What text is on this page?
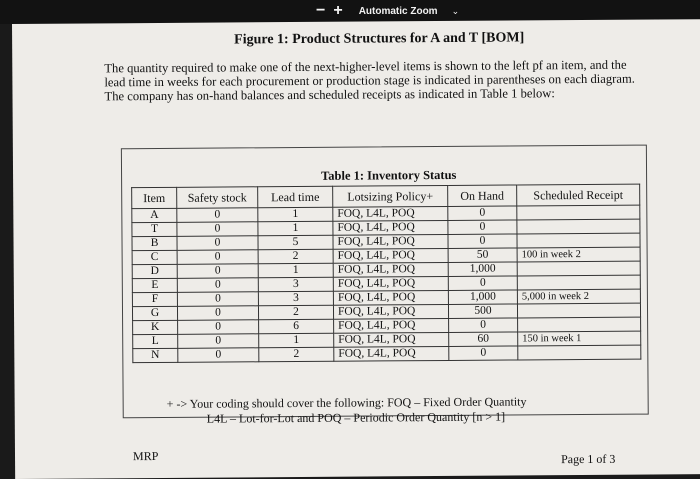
− + Automatic Zoom ⌄
Figure 1: Product Structures for A and T [BOM]
The quantity required to make one of the next-higher-level items is shown to the left pf an item, and the lead time in weeks for each procurement or production stage is indicated in parentheses on each diagram. The company has on-hand balances and scheduled receipts as indicated in Table 1 below:
Table 1: Inventory Status
Item	Safety stock	Lead time	Lotsizing Policy+	On Hand	Scheduled Receipt
A	0	1	FOQ, L4L, POQ	0	
T	0	1	FOQ, L4L, POQ	0	
B	0	5	FOQ, L4L, POQ	0	
C	0	2	FOQ, L4L, POQ	50	100 in week 2
D	0	1	FOQ, L4L, POQ	1,000	
E	0	3	FOQ, L4L, POQ	0	
F	0	3	FOQ, L4L, POQ	1,000	5,000 in week 2
G	0	2	FOQ, L4L, POQ	500	
K	0	6	FOQ, L4L, POQ	0	
L	0	1	FOQ, L4L, POQ	60	150 in week 1
N	0	2	FOQ, L4L, POQ	0	
+ -> Your coding should cover the following: FOQ – Fixed Order Quantity
L4L – Lot-for-Lot and POQ – Periodic Order Quantity [n > 1]
MRP	Page 1 of 3
